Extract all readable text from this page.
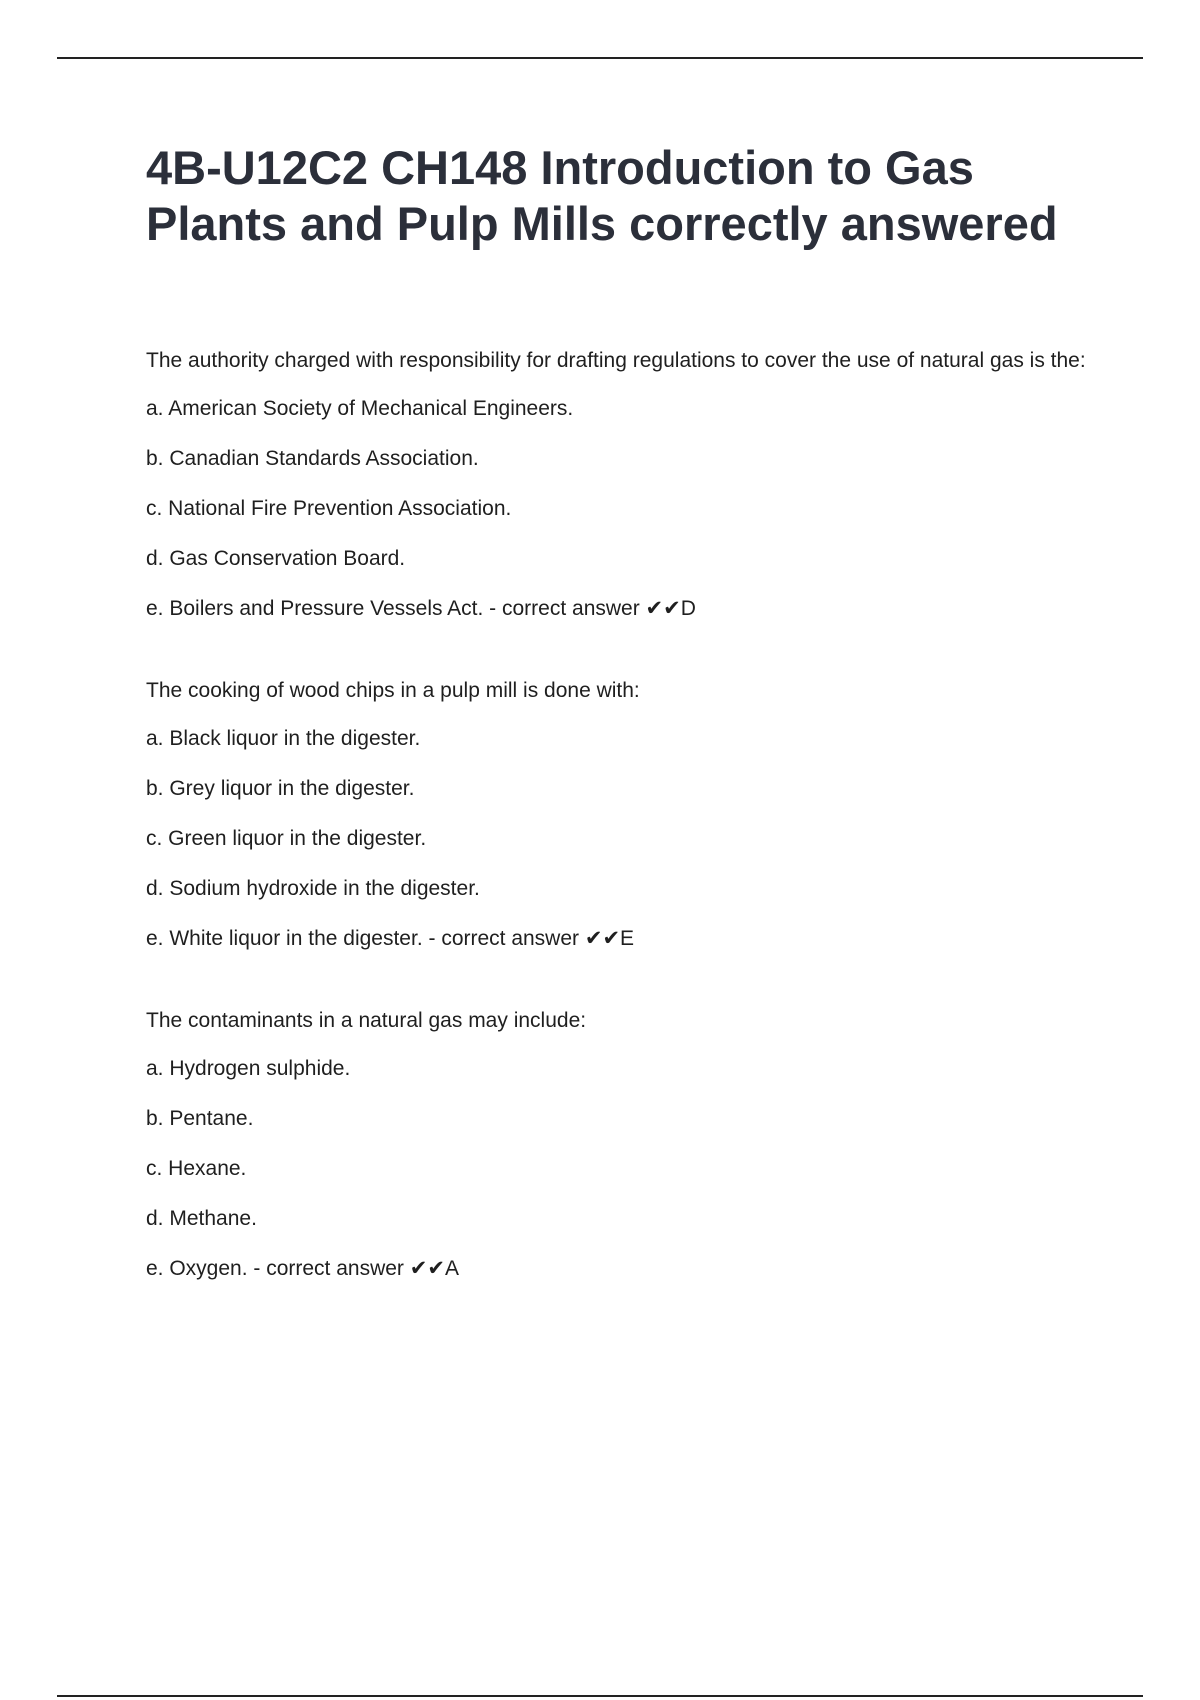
4B-U12C2 CH148 Introduction to Gas Plants and Pulp Mills correctly answered

The authority charged with responsibility for drafting regulations to cover the use of natural gas is the:

a. American Society of Mechanical Engineers.

b. Canadian Standards Association.

c. National Fire Prevention Association.

d. Gas Conservation Board.

e. Boilers and Pressure Vessels Act. - correct answer ✔✔D

The cooking of wood chips in a pulp mill is done with:

a. Black liquor in the digester.

b. Grey liquor in the digester.

c. Green liquor in the digester.

d. Sodium hydroxide in the digester.

e. White liquor in the digester. - correct answer ✔✔E

The contaminants in a natural gas may include:

a. Hydrogen sulphide.

b. Pentane.

c. Hexane.

d. Methane.

e. Oxygen. - correct answer ✔✔A
